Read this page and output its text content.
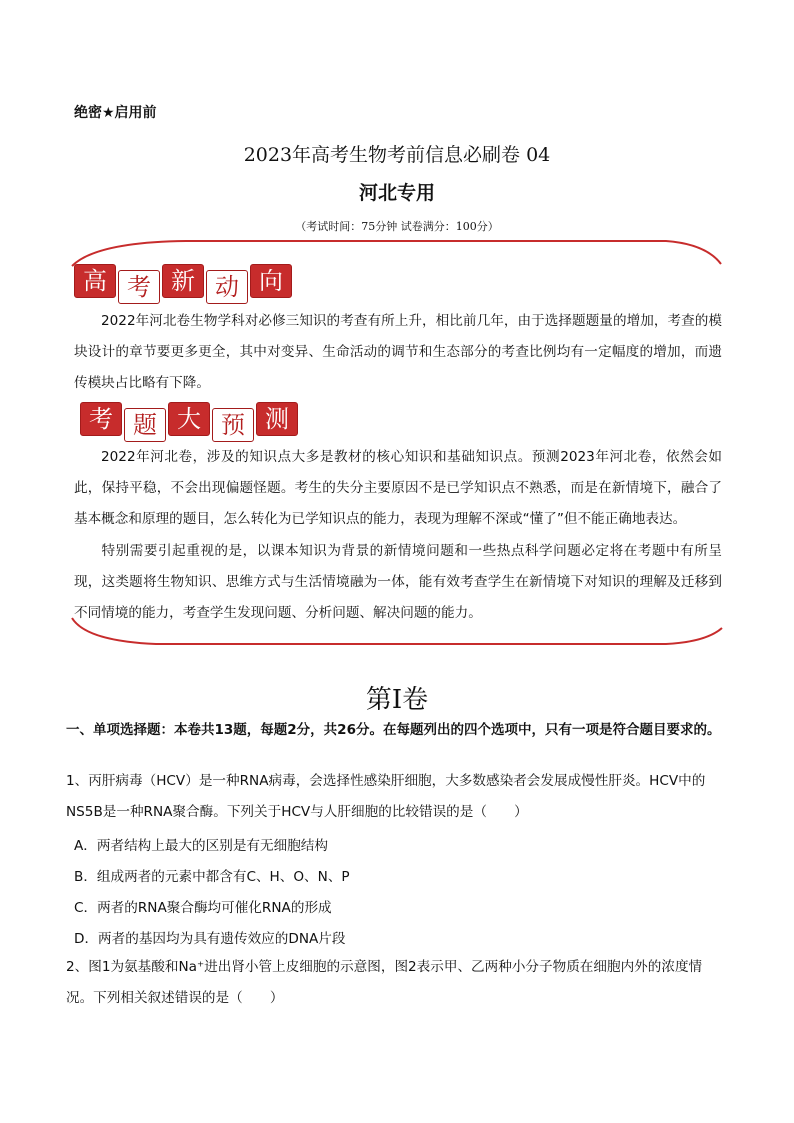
绝密★启用前
2023年高考生物考前信息必刷卷 04
河北专用
（考试时间：75分钟 试卷满分：100分）
高 考 新 动 向
2022年河北卷生物学科对必修三知识的考查有所上升，相比前几年，由于选择题题量的增加，考查的模块设计的章节要更多更全，其中对变异、生命活动的调节和生态部分的考查比例均有一定幅度的增加，而遗传模块占比略有下降。
考 题 大 预 测
2022年河北卷，涉及的知识点大多是教材的核心知识和基础知识点。预测2023年河北卷，依然会如此，保持平稳，不会出现偏题怪题。考生的失分主要原因不是已学知识点不熟悉，而是在新情境下，融合了基本概念和原理的题目，怎么转化为已学知识点的能力，表现为理解不深或“懂了”但不能正确地表达。
特别需要引起重视的是，以课本知识为背景的新情境问题和一些热点科学问题必定将在考题中有所呈现，这类题将生物知识、思维方式与生活情境融为一体，能有效考查学生在新情境下对知识的理解及迁移到不同情境的能力，考查学生发现问题、分析问题、解决问题的能力。
第Ⅰ卷
一、单项选择题：本卷共13题，每题2分，共26分。在每题列出的四个选项中，只有一项是符合题目要求的。
1、丙肝病毒（HCV）是一种RNA病毒，会选择性感染肝细胞，大多数感染者会发展成慢性肝炎。HCV中的NS5B是一种RNA聚合酶。下列关于HCV与人肝细胞的比较错误的是（　　）
A．两者结构上最大的区别是有无细胞结构
B．组成两者的元素中都含有C、H、O、N、P
C．两者的RNA聚合酶均可催化RNA的形成
D．两者的基因均为具有遗传效应的DNA片段
2、图1为氨基酸和Na⁺进出肾小管上皮细胞的示意图，图2表示甲、乙两种小分子物质在细胞内外的浓度情况。下列相关叙述错误的是（　　）
